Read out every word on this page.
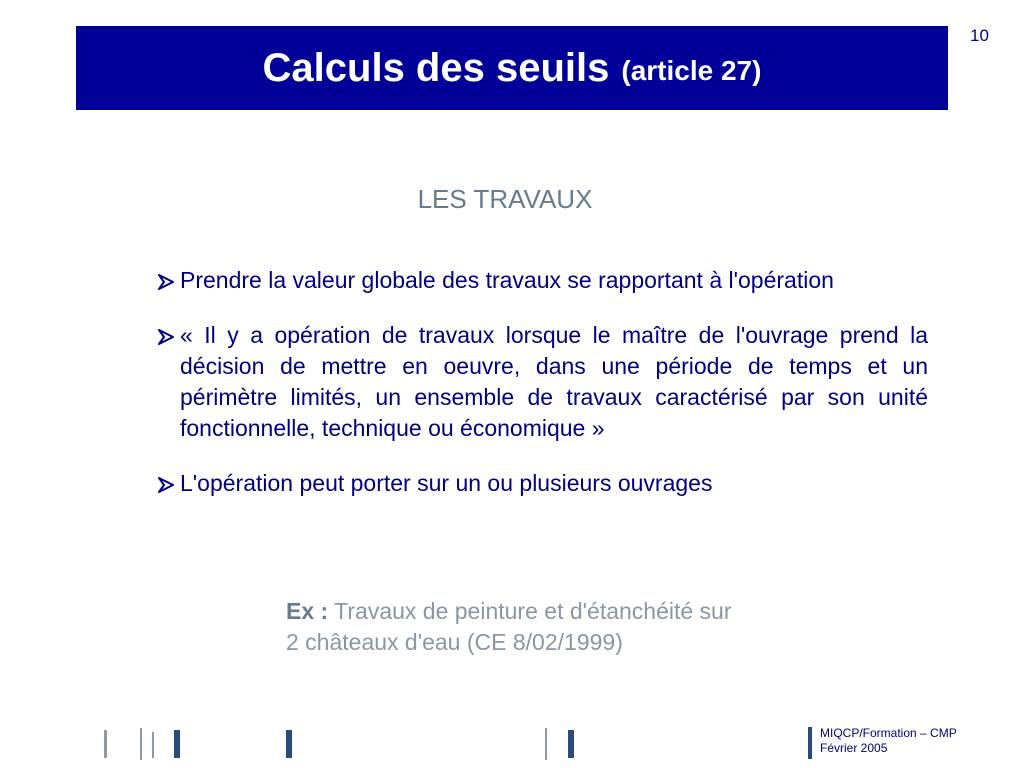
10
Calculs des seuils (article 27)
LES TRAVAUX
Prendre la valeur globale des travaux se rapportant à l'opération
« Il y a opération de travaux lorsque le maître de l'ouvrage prend la décision de mettre en oeuvre, dans une période de temps et un périmètre limités, un ensemble de travaux caractérisé par son unité fonctionnelle, technique ou économique »
L'opération peut porter sur un ou plusieurs ouvrages
Ex : Travaux de peinture et d'étanchéité sur
2 châteaux d'eau (CE 8/02/1999)
MIQCP/Formation – CMP
Février 2005
